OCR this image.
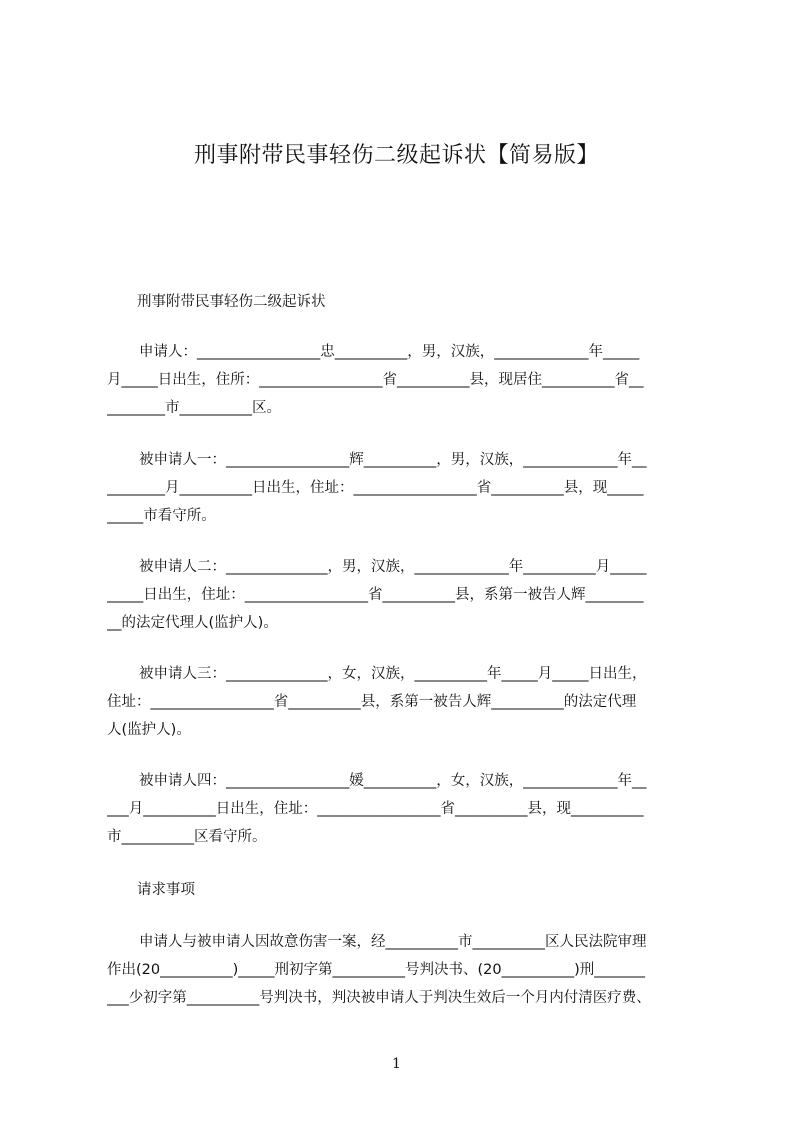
刑事附带民事轻伤二级起诉状【简易版】
刑事附带民事轻伤二级起诉状
申请人：_________________忠__________，男，汉族，_____________年_____
月_____日出生，住所：_________________省__________县，现居住__________省__
________市__________区。
被申请人一：_________________辉__________，男，汉族，_____________年__
________月__________日出生，住址：_________________省__________县，现_____
_____市看守所。
被申请人二：______________，男，汉族，_____________年__________月_____
_____日出生，住址：_________________省__________县，系第一被告人辉________
__的法定代理人(监护人)。
被申请人三：______________，女，汉族，__________年_____月_____日出生，
住址：_________________省__________县，系第一被告人辉__________的法定代理
人(监护人)。
被申请人四：_________________媛__________，女，汉族，_____________年__
___月__________日出生，住址：_________________省__________县，现__________
市__________区看守所。
请求事项
申请人与被申请人因故意伤害一案，经__________市__________区人民法院审理
作出(20__________)_____刑初字第__________号判决书、(20__________)刑_______
___少初字第__________号判决书，判决被申请人于判决生效后一个月内付清医疗费、
1
